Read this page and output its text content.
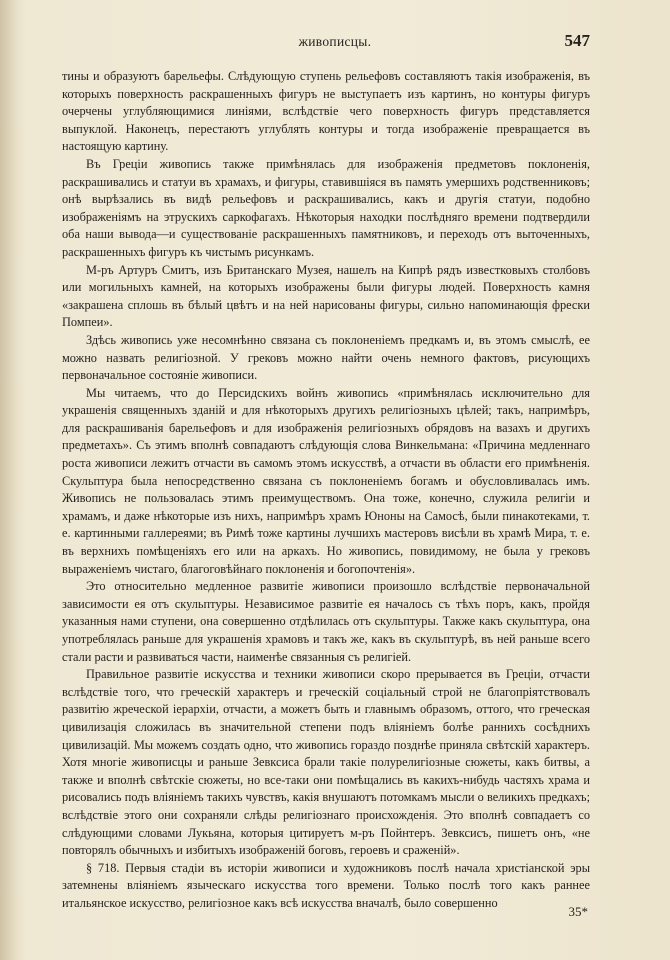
живописцы.	547

тины и образуютъ барельефы. Слѣдующую ступень рельефовъ составляютъ такія изображенія, въ которыхъ поверхность раскрашенныхъ фигуръ не выступаетъ изъ картинъ, но контуры фигуръ очерчены углубляющимися линіями, вслѣдствіе чего поверхность фигуръ представляется выпуклой. Наконецъ, перестаютъ углублять контуры и тогда изображеніе превращается въ настоящую картину.

Въ Греціи живопись также примѣнялась для изображенія предметовъ поклоненія, раскрашивались и статуи въ храмахъ, и фигуры, ставившіяся въ память умершихъ родственниковъ; онѣ вырѣзались въ видѣ рельефовъ и раскрашивались, какъ и другія статуи, подобно изображеніямъ на этрускихъ саркофагахъ. Нѣкоторыя находки послѣдняго времени подтвердили оба наши вывода—и существованіе раскрашенныхъ памятниковъ, и переходъ отъ выточенныхъ, раскрашенныхъ фигуръ къ чистымъ рисункамъ.

М-ръ Артуръ Смитъ, изъ Британскаго Музея, нашелъ на Кипрѣ рядъ известковыхъ столбовъ или могильныхъ камней, на которыхъ изображены были фигуры людей. Поверхность камня «закрашена сплошь въ бѣлый цвѣтъ и на ней нарисованы фигуры, сильно напоминающія фрески Помпеи».

Здѣсь живопись уже несомнѣнно связана съ поклоненіемъ предкамъ и, въ этомъ смыслѣ, ее можно назвать религіозной. У грековъ можно найти очень немного фактовъ, рисующихъ первоначальное состояніе живописи.

Мы читаемъ, что до Персидскихъ войнъ живопись «примѣнялась исключительно для украшенія священныхъ зданій и для нѣкоторыхъ другихъ религіозныхъ цѣлей; такъ, напримѣръ, для раскрашиванія барельефовъ и для изображенія религіозныхъ обрядовъ на вазахъ и другихъ предметахъ». Съ этимъ вполнѣ совпадаютъ слѣдующія слова Винкельмана: «Причина медленнаго роста живописи лежитъ отчасти въ самомъ этомъ искусствѣ, а отчасти въ области его примѣненія. Скульптура была непосредственно связана съ поклоненіемъ богамъ и обусловливалась имъ. Живопись не пользовалась этимъ преимуществомъ. Она тоже, конечно, служила религіи и храмамъ, и даже нѣкоторые изъ нихъ, напримѣръ храмъ Юноны на Самосѣ, были пинакотеками, т. е. картинными галлереями; въ Римѣ тоже картины лучшихъ мастеровъ висѣли въ храмѣ Мира, т. е. въ верхнихъ помѣщеніяхъ его или на аркахъ. Но живопись, повидимому, не была у грековъ выраженіемъ чистаго, благоговѣйнаго поклоненія и богопочтенія».

Это относительно медленное развитіе живописи произошло вслѣдствіе первоначальной зависимости ея отъ скульптуры. Независимое развитіе ея началось съ тѣхъ поръ, какъ, пройдя указанныя нами ступени, она совершенно отдѣлилась отъ скульптуры. Также какъ скульптура, она употреблялась раньше для украшенія храмовъ и такъ же, какъ въ скульптурѣ, въ ней раньше всего стали расти и развиваться части, наименѣе связанныя съ религіей.

Правильное развитіе искусства и техники живописи скоро прерывается въ Греціи, отчасти вслѣдствіе того, что греческій характеръ и греческій соціальный строй не благопріятствовалъ развитію жреческой іерархіи, отчасти, а можетъ быть и главнымъ образомъ, оттого, что греческая цивилизація сложилась въ значительной степени подъ вліяніемъ болѣе раннихъ сосѣднихъ цивилизацій. Мы можемъ создать одно, что живопись гораздо позднѣе приняла свѣтскій характеръ. Хотя многіе живописцы и раньше Зевксиса брали такіе полурелигіозные сюжеты, какъ битвы, а также и вполнѣ свѣтскіе сюжеты, но все-таки они помѣщались въ какихъ-нибудь частяхъ храма и рисовались подъ вліяніемъ такихъ чувствъ, какія внушаютъ потомкамъ мысли о великихъ предкахъ; вслѣдствіе этого они сохраняли слѣды религіознаго происхожденія. Это вполнѣ совпадаетъ со слѣдующими словами Лукьяна, которыя цитируетъ м-ръ Пойнтеръ. Зевксисъ, пишетъ онъ, «не повторялъ обычныхъ и избитыхъ изображеній боговъ, героевъ и сраженій».

§ 718. Первыя стадіи въ исторіи живописи и художниковъ послѣ начала христіанской эры затемнены вліяніемъ языческаго искусства того времени. Только послѣ того какъ раннее итальянское искусство, религіозное какъ всѣ искусства вначалѣ, было совершенно

35*
